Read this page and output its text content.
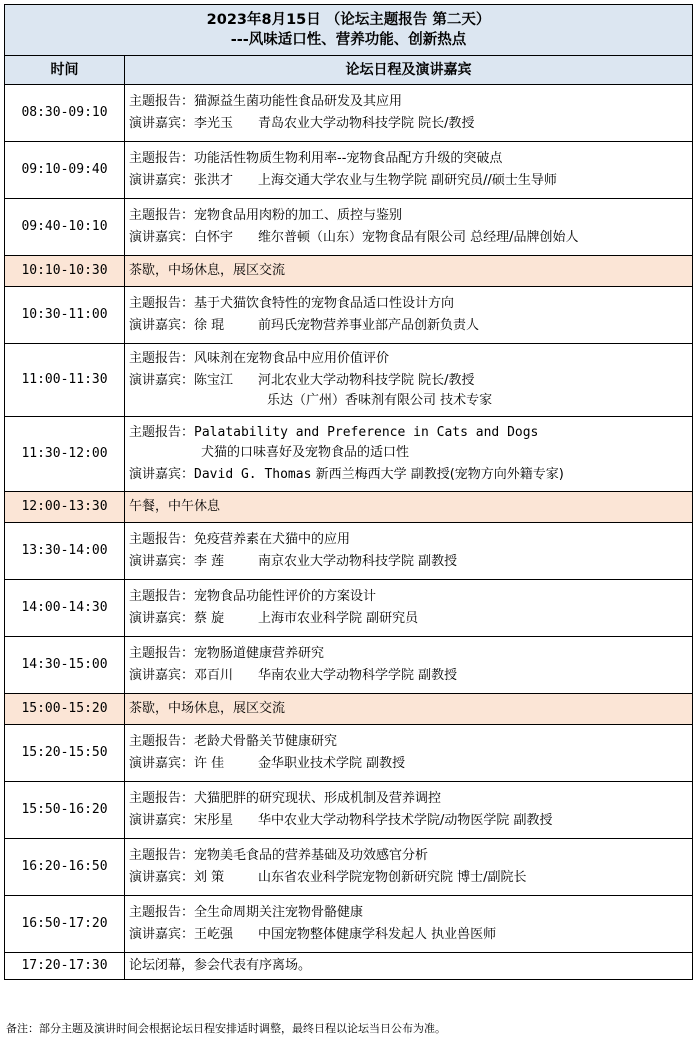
2023年8月15日 （论坛主题报告 第二天）
---风味适口性、营养功能、创新热点	

时间	论坛日程及演讲嘉宾
08:30-09:10	主题报告：猫源益生菌功能性食品研发及其应用
演讲嘉宾：李光玉 青岛农业大学动物科技学院 院长/教授

09:10-09:40	主题报告：功能活性物质生物利用率--宠物食品配方升级的突破点
演讲嘉宾：张洪才 上海交通大学农业与生物学院 副研究员//硕士生导师

09:40-10:10	主题报告：宠物食品用肉粉的加工、质控与鉴别
演讲嘉宾：白怀宇 维尔普顿（山东）宠物食品有限公司 总经理/品牌创始人

10:10-10:30	茶歇，中场休息，展区交流
10:30-11:00	主题报告：基于犬猫饮食特性的宠物食品适口性设计方向
演讲嘉宾：徐 琨 前玛氏宠物营养事业部产品创新负责人

11:00-11:30	主题报告：风味剂在宠物食品中应用价值评价
演讲嘉宾：陈宝江 河北农业大学动物科技学院 院长/教授
乐达（广州）香味剂有限公司 技术专家

11:30-12:00	主题报告：Palatability and Preference in Cats and Dogs
犬猫的口味喜好及宠物食品的适口性
演讲嘉宾：David G. Thomas 新西兰梅西大学 副教授(宠物方向外籍专家)

12:00-13:30	午餐，中午休息
13:30-14:00	主题报告：免疫营养素在犬猫中的应用
演讲嘉宾：李 莲 南京农业大学动物科技学院 副教授

14:00-14:30	主题报告：宠物食品功能性评价的方案设计
演讲嘉宾：蔡 旋 上海市农业科学院 副研究员

14:30-15:00	主题报告：宠物肠道健康营养研究
演讲嘉宾：邓百川 华南农业大学动物科学学院 副教授

15:00-15:20	茶歇，中场休息，展区交流
15:20-15:50	主题报告：老龄犬骨骼关节健康研究
演讲嘉宾：许 佳 金华职业技术学院 副教授

15:50-16:20	主题报告：犬猫肥胖的研究现状、形成机制及营养调控
演讲嘉宾：宋彤星 华中农业大学动物科学技术学院/动物医学院 副教授

16:20-16:50	主题报告：宠物美毛食品的营养基础及功效感官分析
演讲嘉宾：刘 策 山东省农业科学院宠物创新研究院 博士/副院长

16:50-17:20	主题报告：全生命周期关注宠物骨骼健康
演讲嘉宾：王屹强 中国宠物整体健康学科发起人 执业兽医师

17:20-17:30	论坛闭幕，参会代表有序离场。
备注：部分主题及演讲时间会根据论坛日程安排适时调整，最终日程以论坛当日公布为准。
